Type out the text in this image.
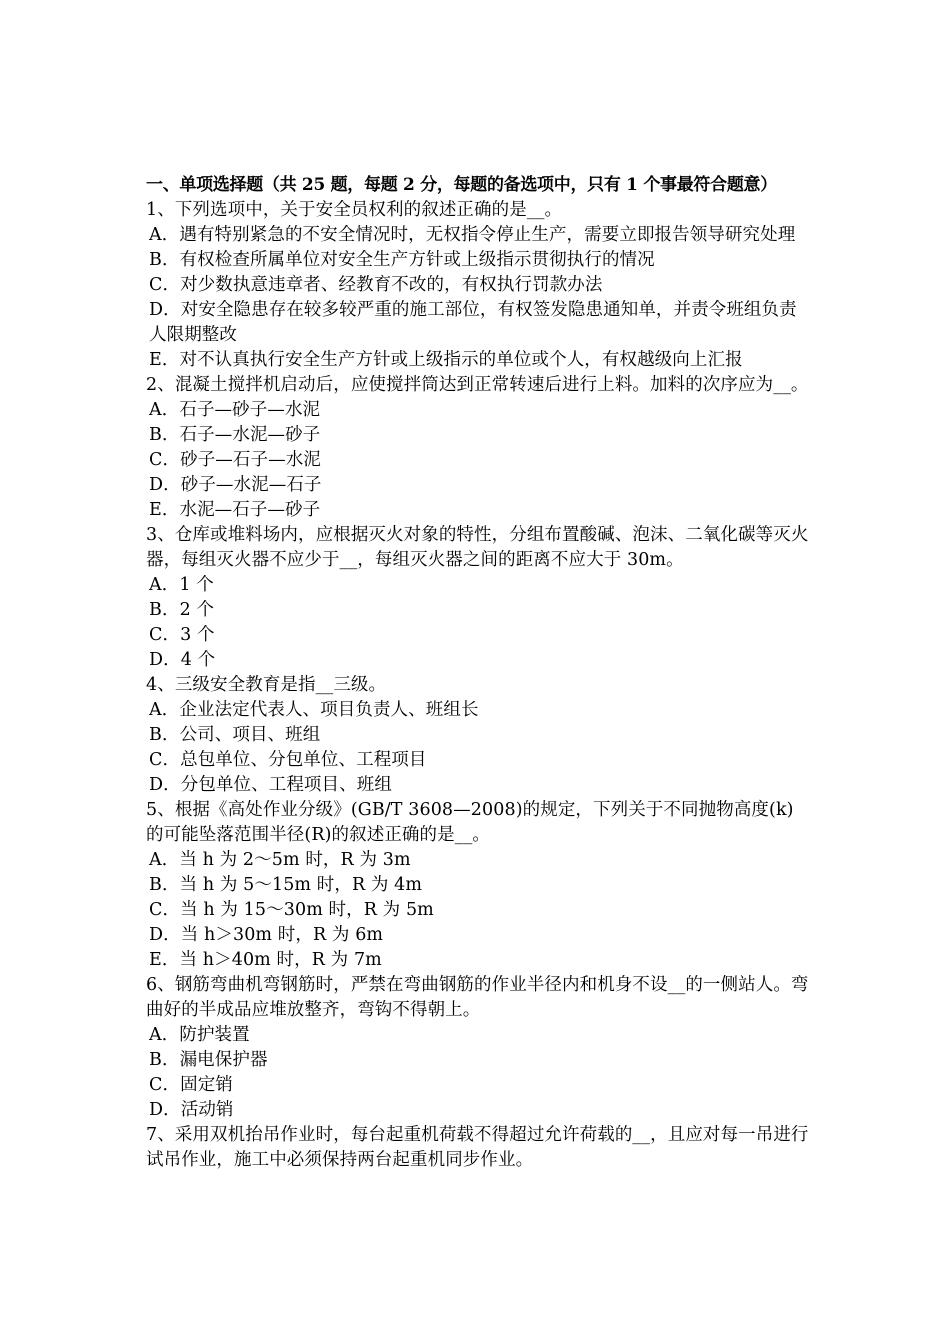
一、单项选择题（共 25 题，每题 2 分，每题的备选项中，只有 1 个事最符合题意）
1、下列选项中，关于安全员权利的叙述正确的是__。
A．遇有特别紧急的不安全情况时，无权指令停止生产，需要立即报告领导研究处理
B．有权检查所属单位对安全生产方针或上级指示贯彻执行的情况
C．对少数执意违章者、经教育不改的，有权执行罚款办法
D．对安全隐患存在较多较严重的施工部位，有权签发隐患通知单，并责令班组负责人限期整改
E．对不认真执行安全生产方针或上级指示的单位或个人，有权越级向上汇报
2、混凝土搅拌机启动后，应使搅拌筒达到正常转速后进行上料。加料的次序应为__。
A．石子—砂子—水泥
B．石子—水泥—砂子
C．砂子—石子—水泥
D．砂子—水泥—石子
E．水泥—石子—砂子
3、仓库或堆料场内，应根据灭火对象的特性，分组布置酸碱、泡沫、二氧化碳等灭火器，每组灭火器不应少于__，每组灭火器之间的距离不应大于 30m。
A．1 个
B．2 个
C．3 个
D．4 个
4、三级安全教育是指__三级。
A．企业法定代表人、项目负责人、班组长
B．公司、项目、班组
C．总包单位、分包单位、工程项目
D．分包单位、工程项目、班组
5、根据《高处作业分级》(GB/T 3608—2008)的规定，下列关于不同抛物高度(k)的可能坠落范围半径(R)的叙述正确的是__。
A．当 h 为 2～5m 时，R 为 3m
B．当 h 为 5～15m 时，R 为 4m
C．当 h 为 15～30m 时，R 为 5m
D．当 h＞30m 时，R 为 6m
E．当 h＞40m 时，R 为 7m
6、钢筋弯曲机弯钢筋时，严禁在弯曲钢筋的作业半径内和机身不设__的一侧站人。弯曲好的半成品应堆放整齐，弯钩不得朝上。
A．防护装置
B．漏电保护器
C．固定销
D．活动销
7、采用双机抬吊作业时，每台起重机荷载不得超过允许荷载的__，且应对每一吊进行试吊作业，施工中必须保持两台起重机同步作业。
